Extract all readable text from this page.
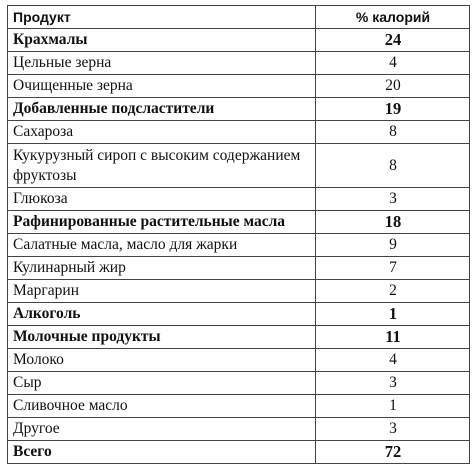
Продукт	% калорий
Крахмалы	24
Цельные зерна	4
Очищенные зерна	20
Добавленные подсластители	19
Сахароза	8
Кукурузный сироп с высоким содержанием фруктозы	8
Глюкоза	3
Рафинированные растительные масла	18
Салатные масла, масло для жарки	9
Кулинарный жир	7
Маргарин	2
Алкоголь	1
Молочные продукты	11
Молоко	4
Сыр	3
Сливочное масло	1
Другое	3
Всего	72
